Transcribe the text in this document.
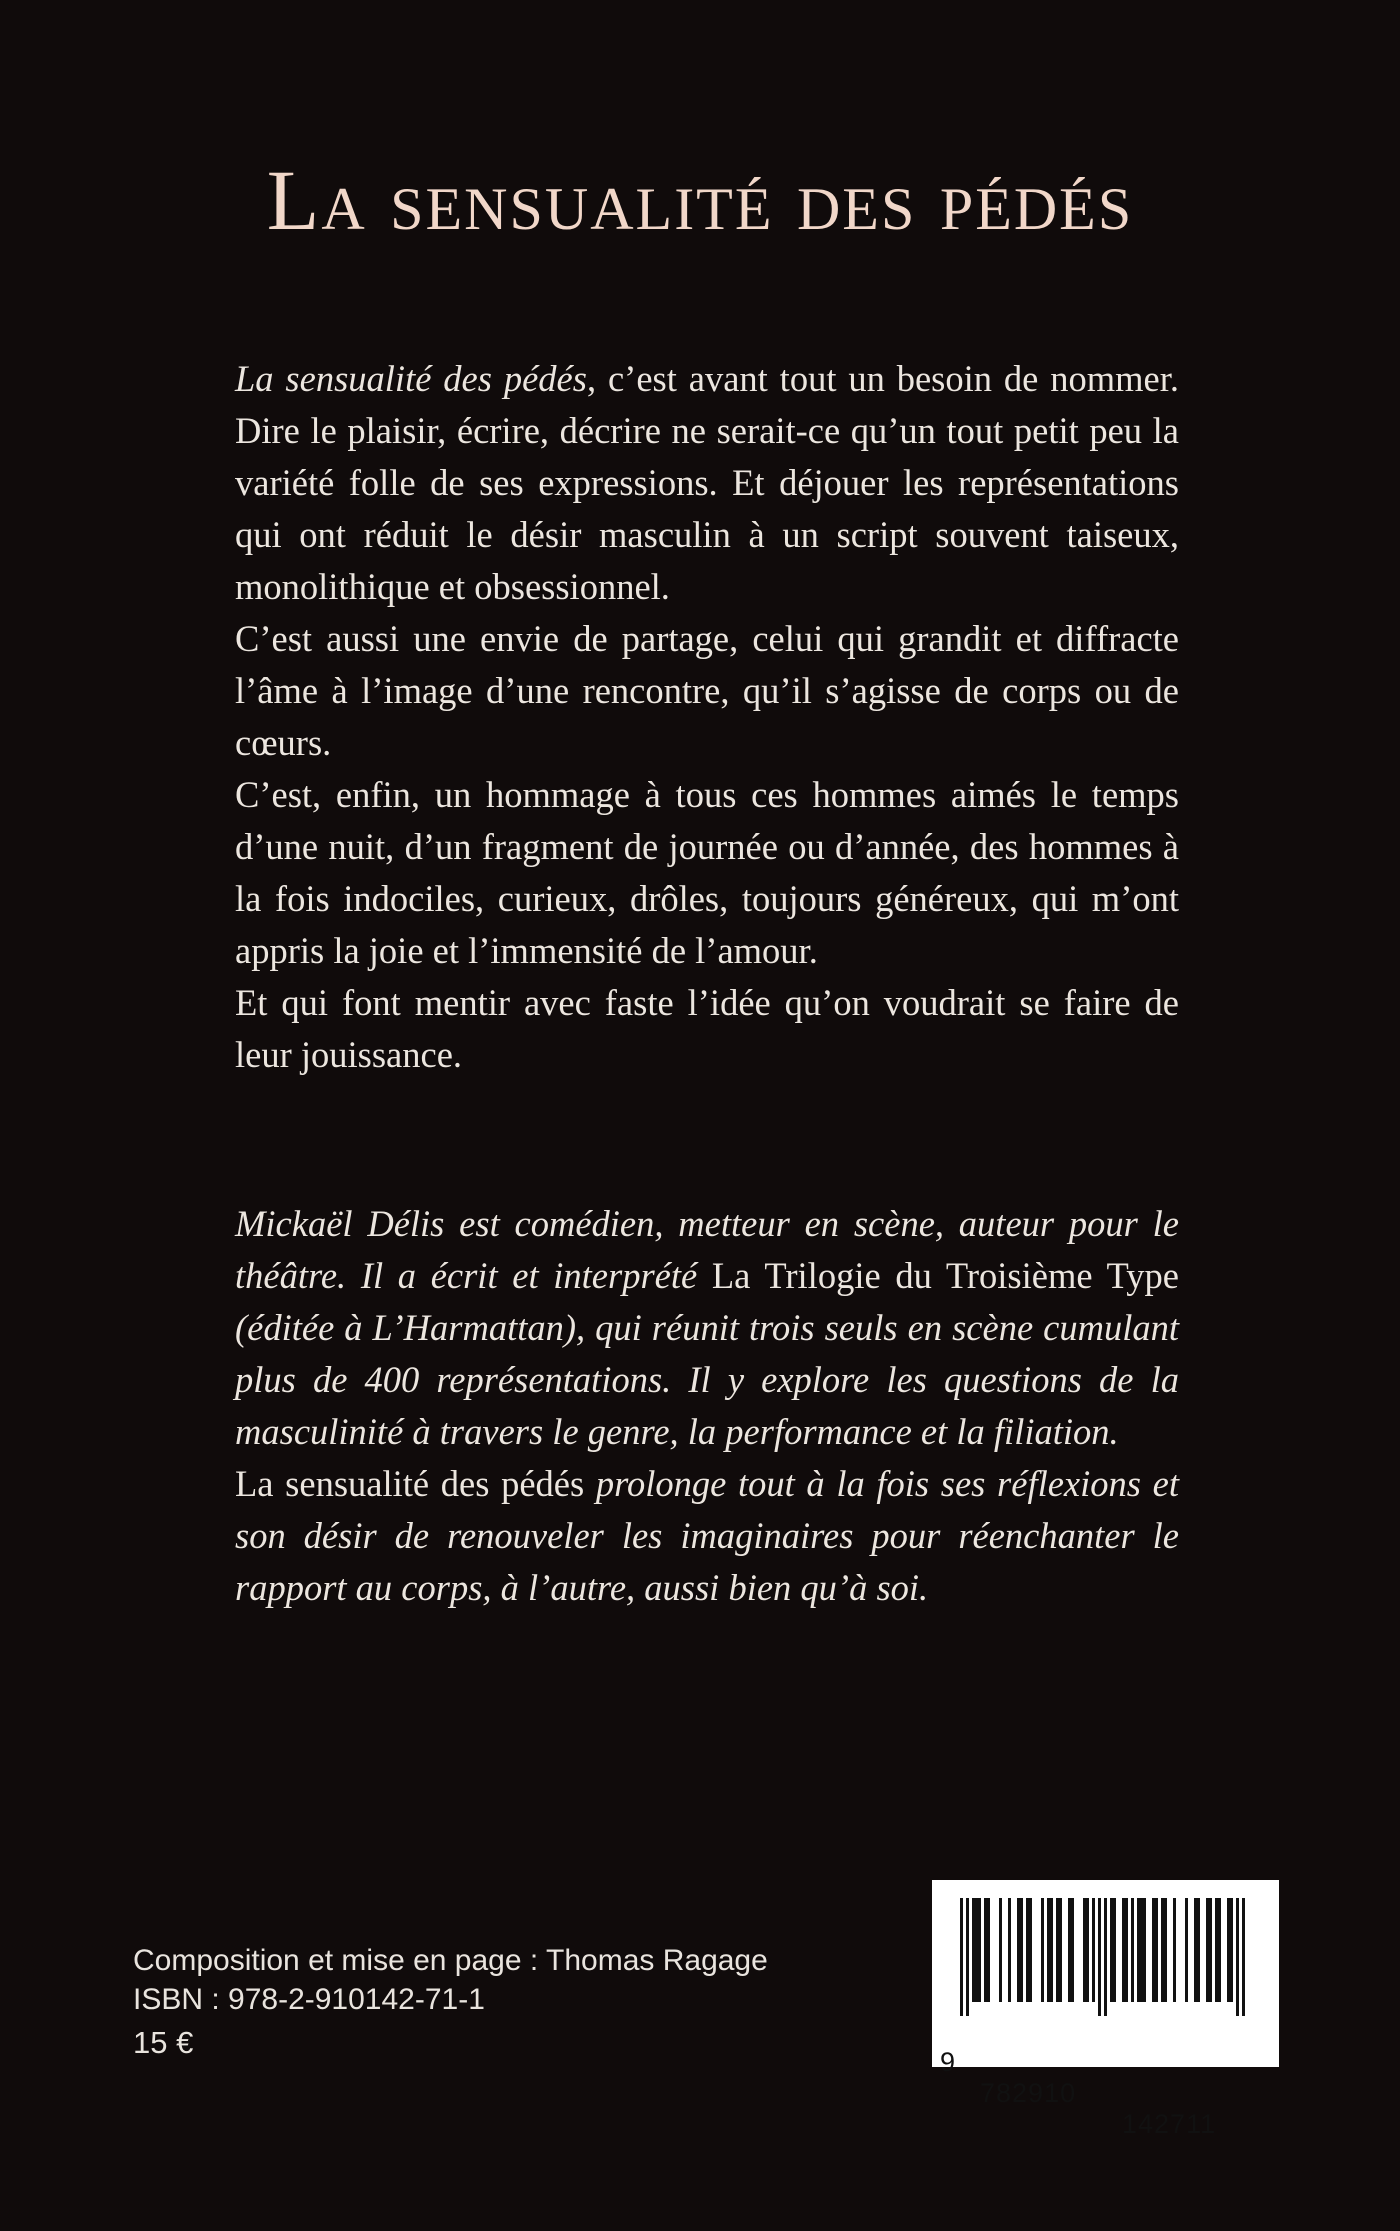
La sensualité des pédés

La sensualité des pédés, c’est avant tout un besoin de nommer. Dire le plaisir, écrire, décrire ne serait-ce qu’un tout petit peu la variété folle de ses expressions. Et déjouer les représentations qui ont réduit le désir masculin à un script souvent taiseux, monolithique et obsessionnel.

C’est aussi une envie de partage, celui qui grandit et diffracte l’âme à l’image d’une rencontre, qu’il s’agisse de corps ou de cœurs.

C’est, enfin, un hommage à tous ces hommes aimés le temps d’une nuit, d’un fragment de journée ou d’année, des hommes à la fois indociles, curieux, drôles, toujours généreux, qui m’ont appris la joie et l’immensité de l’amour.

Et qui font mentir avec faste l’idée qu’on voudrait se faire de leur jouissance.

Mickaël Délis est comédien, metteur en scène, auteur pour le théâtre. Il a écrit et interprété La Trilogie du Troisième Type (éditée à L’Harmattan), qui réunit trois seuls en scène cumulant plus de 400 représentations. Il y explore les questions de la masculinité à travers le genre, la performance et la filiation.

La sensualité des pédés prolonge tout à la fois ses réflexions et son désir de renouveler les imaginaires pour réenchanter le rapport au corps, à l’autre, aussi bien qu’à soi.

Composition et mise en page : Thomas Ragage
ISBN : 978-2-910142-71-1
15 €

9

782910

142711
